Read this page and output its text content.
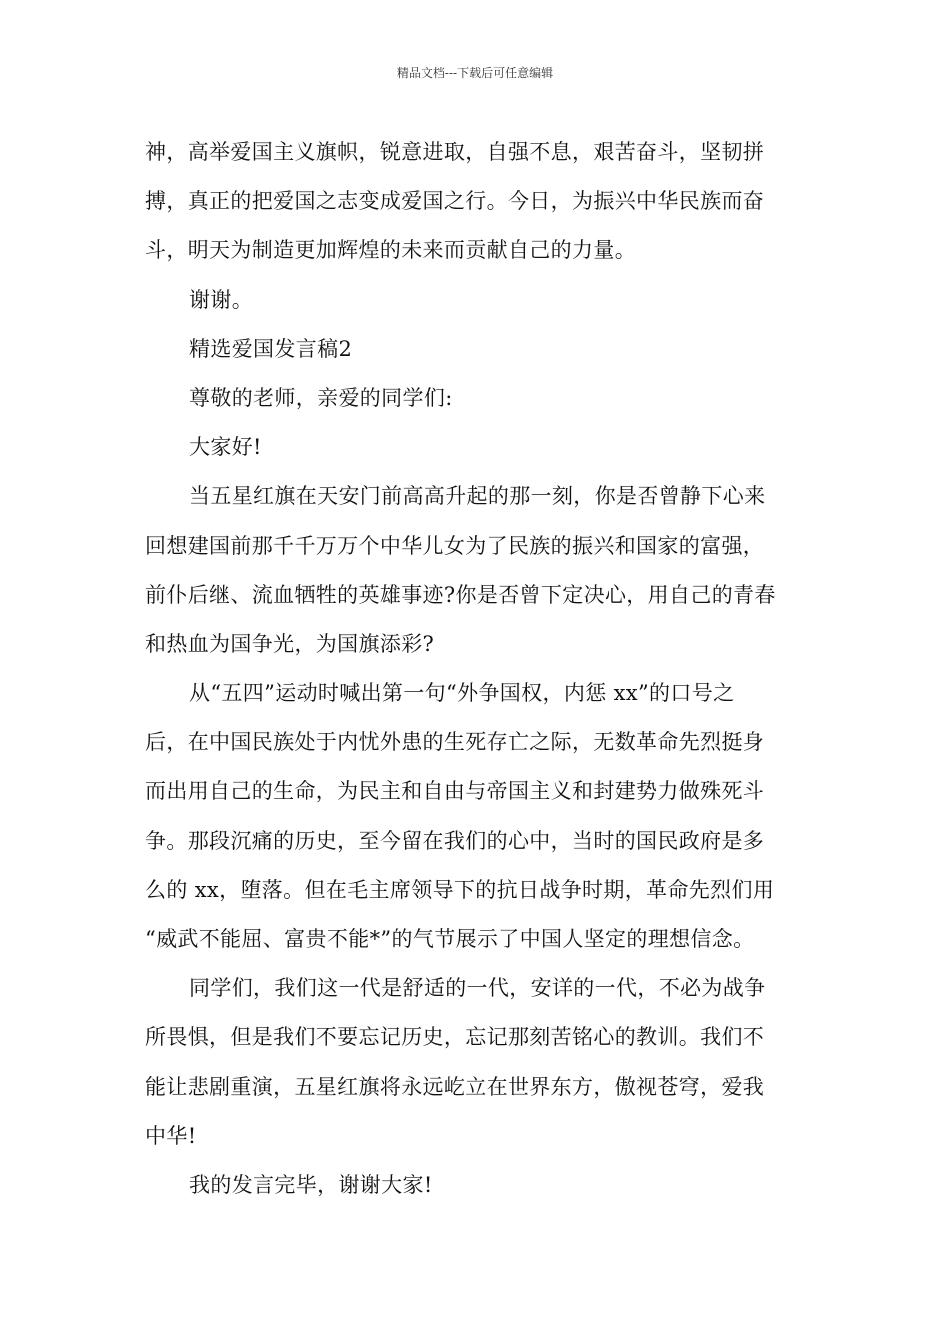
精品文档---下载后可任意编辑
神，高举爱国主义旗帜，锐意进取，自强不息，艰苦奋斗，坚韧拼
搏，真正的把爱国之志变成爱国之行。今日，为振兴中华民族而奋
斗，明天为制造更加辉煌的未来而贡献自己的力量。
谢谢。
精选爱国发言稿2
尊敬的老师，亲爱的同学们:
大家好!
当五星红旗在天安门前高高升起的那一刻，你是否曾静下心来
回想建国前那千千万万个中华儿女为了民族的振兴和国家的富强，
前仆后继、流血牺牲的英雄事迹?你是否曾下定决心，用自己的青春
和热血为国争光，为国旗添彩?
从“五四”运动时喊出第一句“外争国权，内惩 xx”的口号之
后，在中国民族处于内忧外患的生死存亡之际，无数革命先烈挺身
而出用自己的生命，为民主和自由与帝国主义和封建势力做殊死斗
争。那段沉痛的历史，至今留在我们的心中，当时的国民政府是多
么的 xx，堕落。但在毛主席领导下的抗日战争时期，革命先烈们用
“威武不能屈、富贵不能*”的气节展示了中国人坚定的理想信念。
同学们，我们这一代是舒适的一代，安详的一代，不必为战争
所畏惧，但是我们不要忘记历史，忘记那刻苦铭心的教训。我们不
能让悲剧重演，五星红旗将永远屹立在世界东方，傲视苍穹，爱我
中华!
我的发言完毕，谢谢大家!
